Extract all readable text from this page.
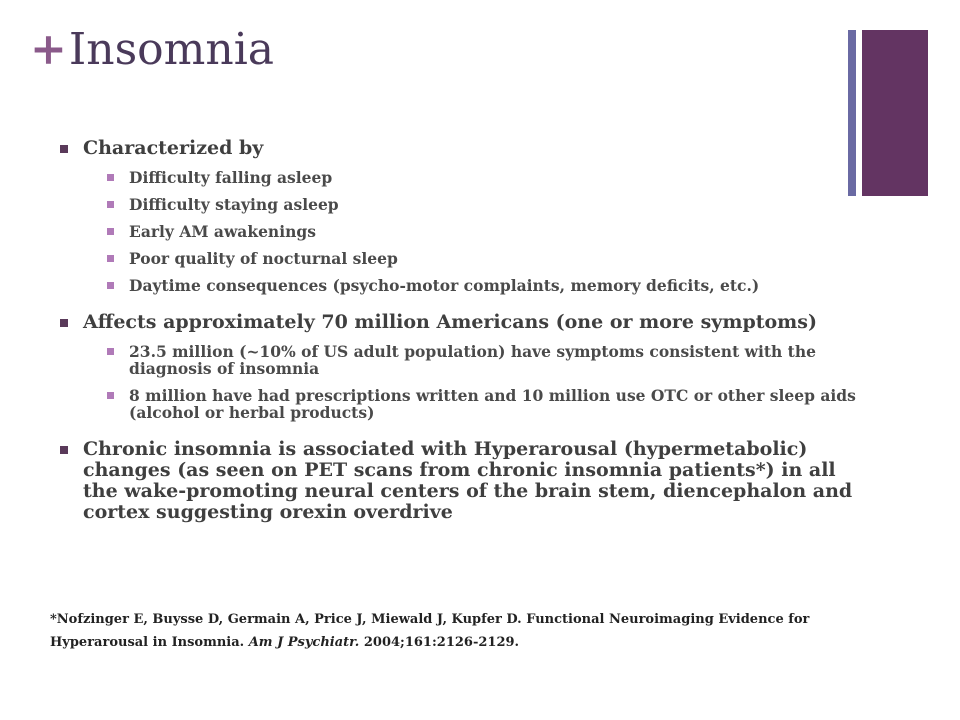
+Insomnia
Characterized by
Difficulty falling asleep
Difficulty staying asleep
Early AM awakenings
Poor quality of nocturnal sleep
Daytime consequences (psycho-motor complaints, memory deficits, etc.)
Affects approximately 70 million Americans (one or more symptoms)
23.5 million (~10% of US adult population) have symptoms consistent with the diagnosis of insomnia
8 million have had prescriptions written and 10 million use OTC or other sleep aids (alcohol or herbal products)
Chronic insomnia is associated with Hyperarousal (hypermetabolic) changes (as seen on PET scans from chronic insomnia patients*) in all the wake-promoting neural centers of the brain stem, diencephalon and cortex suggesting orexin overdrive
*Nofzinger E, Buysse D, Germain A, Price J, Miewald J, Kupfer D. Functional Neuroimaging Evidence for Hyperarousal in Insomnia. Am J Psychiatr. 2004;161:2126-2129.
